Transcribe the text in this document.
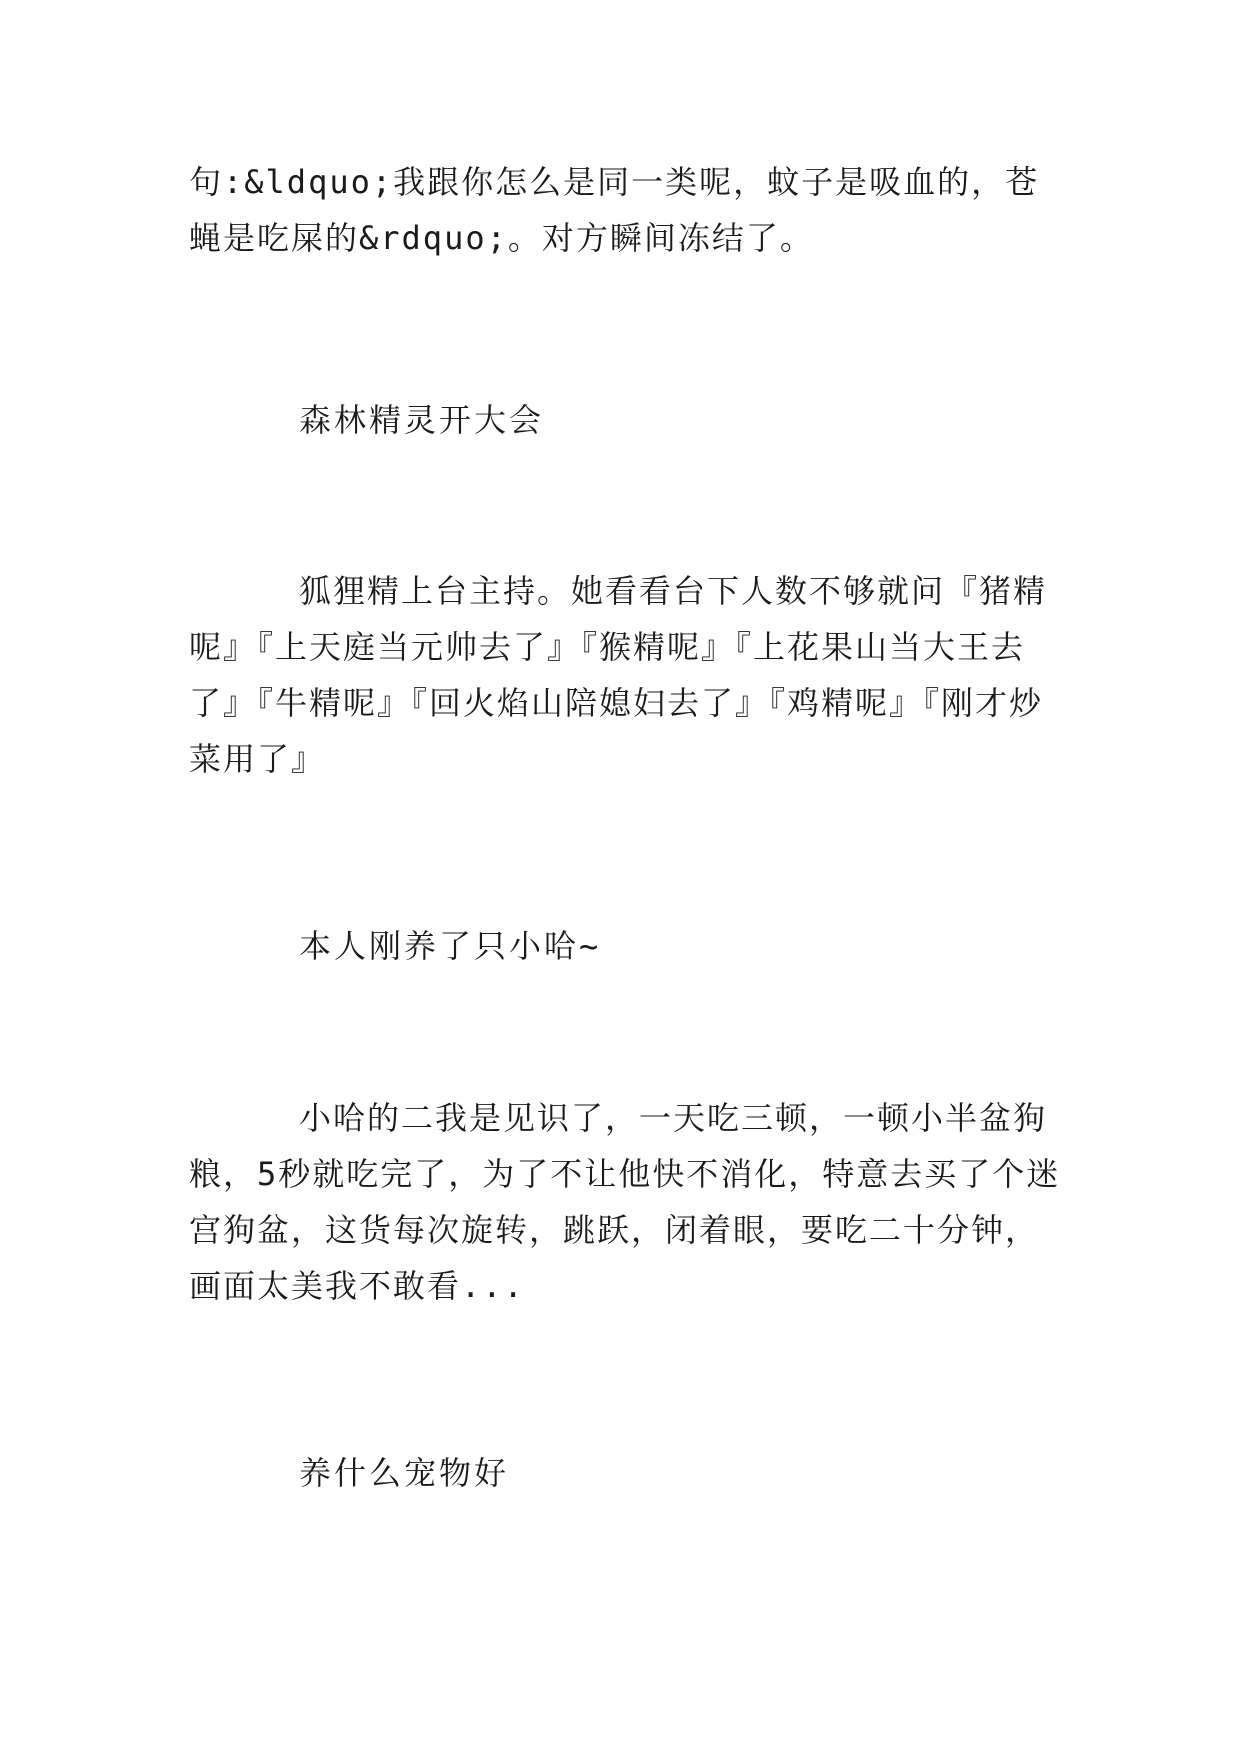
句:&ldquo;我跟你怎么是同一类呢，蚊子是吸血的，苍蝇是吃屎的&rdquo;。对方瞬间冻结了。

森林精灵开大会

狐狸精上台主持。她看看台下人数不够就问『猪精呢』『上天庭当元帅去了』『猴精呢』『上花果山当大王去了』『牛精呢』『回火焰山陪媳妇去了』『鸡精呢』『刚才炒菜用了』

本人刚养了只小哈~

小哈的二我是见识了，一天吃三顿，一顿小半盆狗粮，5秒就吃完了，为了不让他快不消化，特意去买了个迷宫狗盆，这货每次旋转，跳跃，闭着眼，要吃二十分钟，画面太美我不敢看...

养什么宠物好
